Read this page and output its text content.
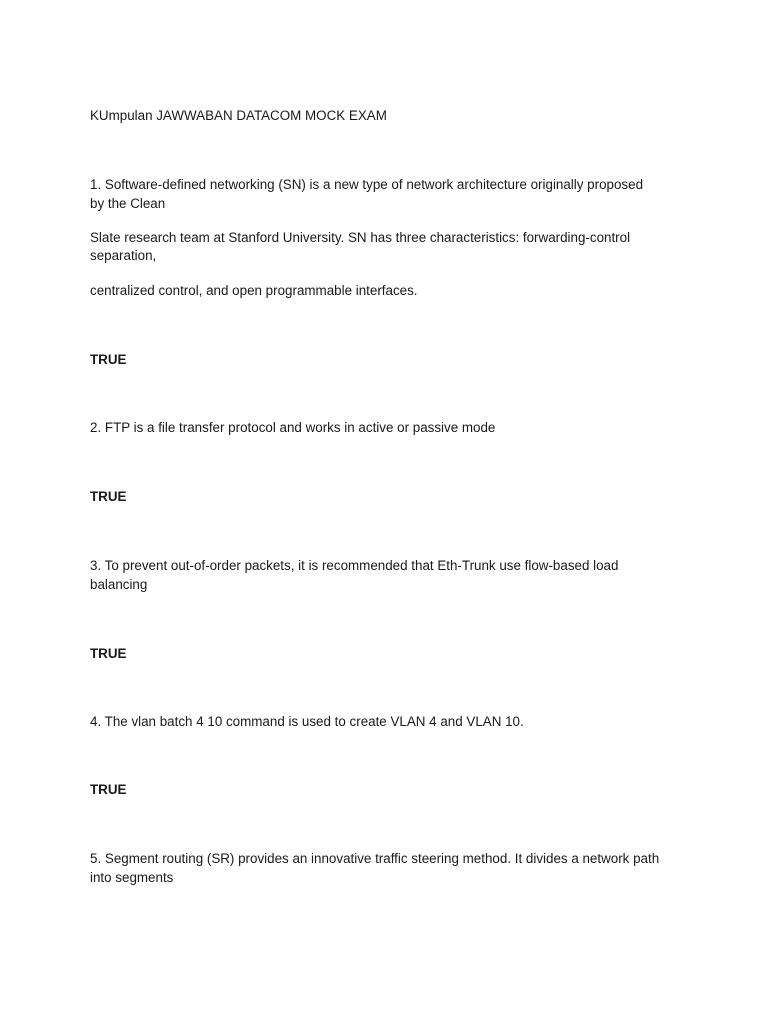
KUmpulan JAWWABAN DATACOM MOCK EXAM
1. Software-defined networking (SN) is a new type of network architecture originally proposed
by the Clean
Slate research team at Stanford University. SN has three characteristics: forwarding-control
separation,
centralized control, and open programmable interfaces.
TRUE
2. FTP is a file transfer protocol and works in active or passive mode
TRUE
3. To prevent out-of-order packets, it is recommended that Eth-Trunk use flow-based load
balancing
TRUE
4. The vlan batch 4 10 command is used to create VLAN 4 and VLAN 10.
TRUE
5. Segment routing (SR) provides an innovative traffic steering method. It divides a network path
into segments
